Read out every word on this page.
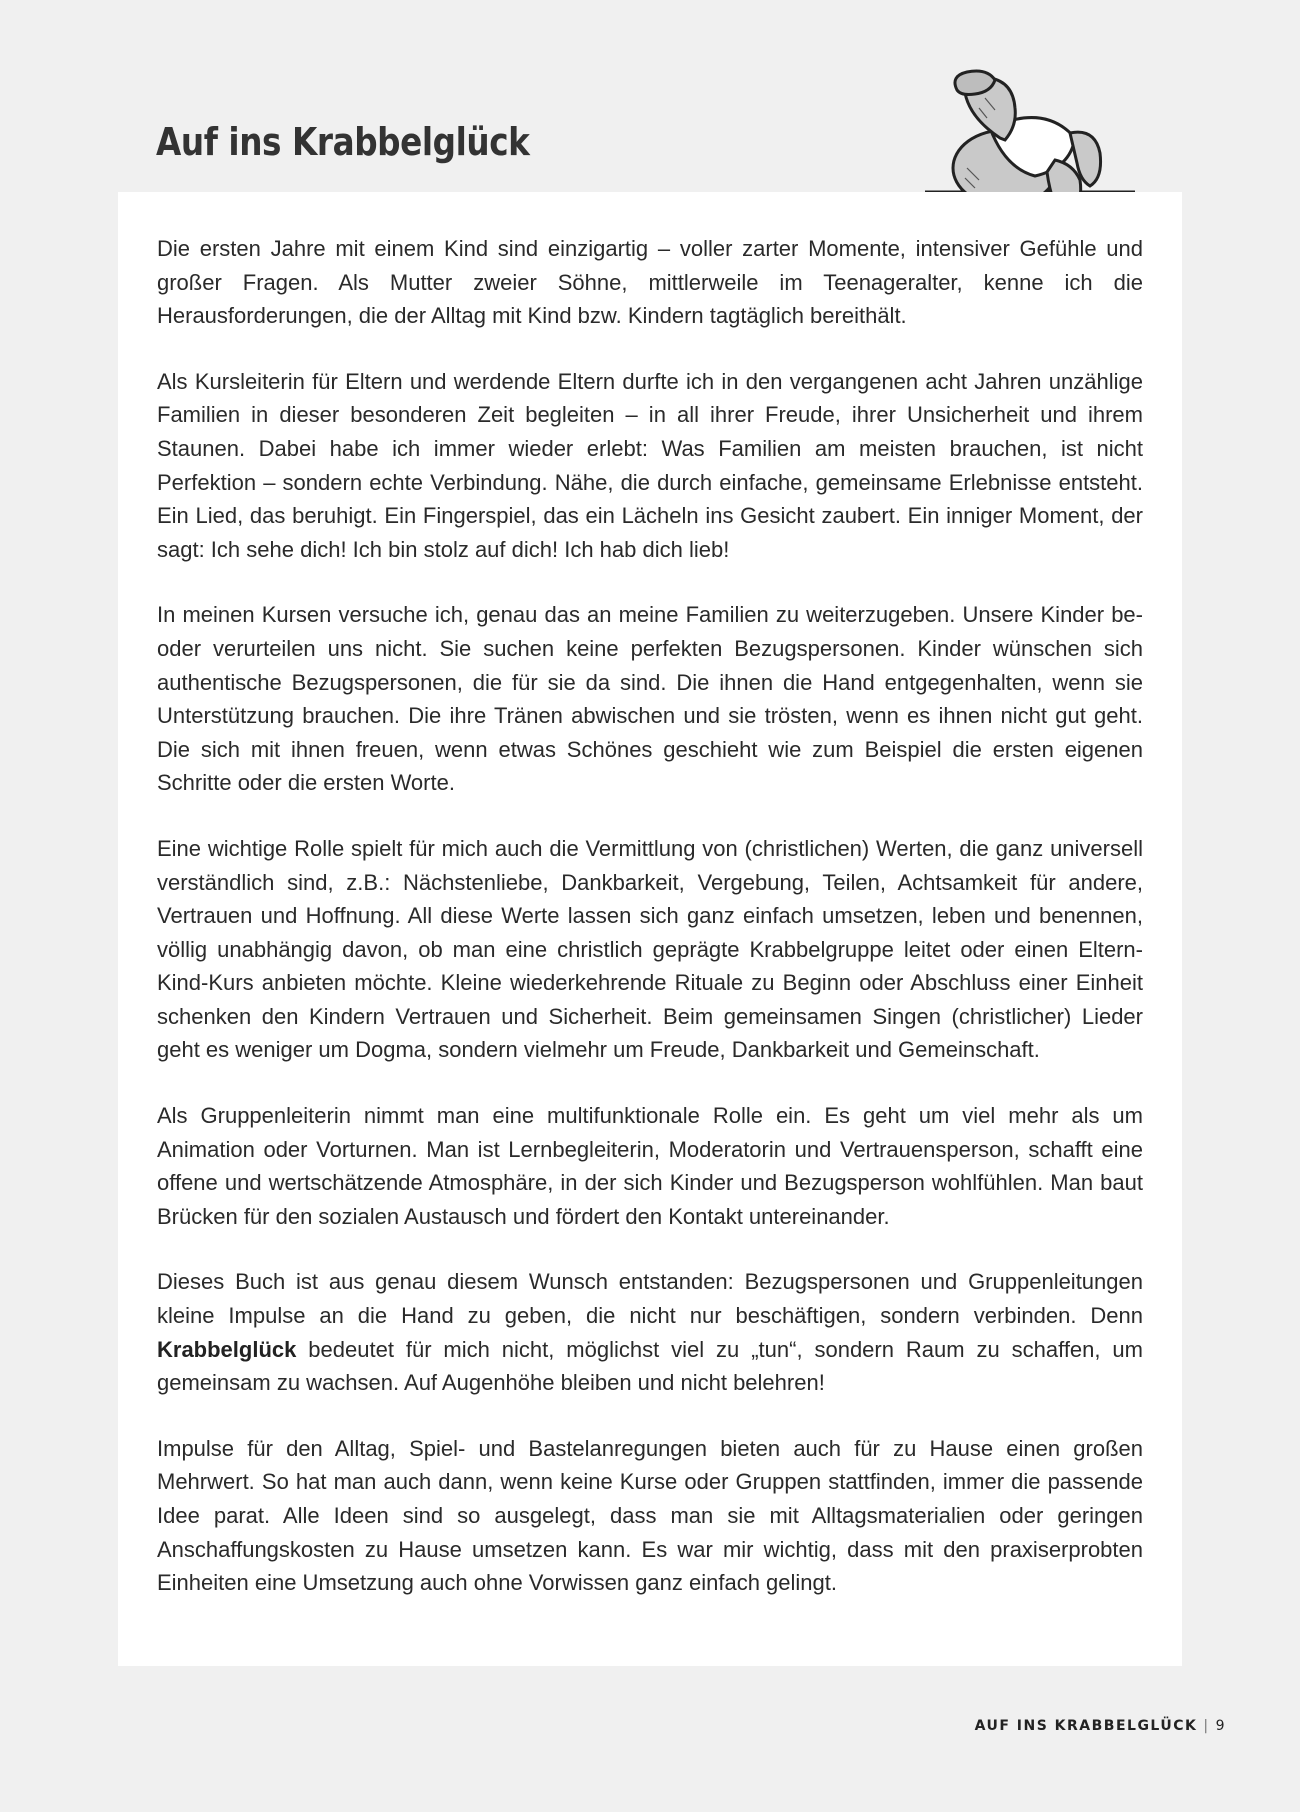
Auf ins Krabbelglück

Die ersten Jahre mit einem Kind sind einzigartig – voller zarter Momente, intensiver Gefühle und großer Fragen. Als Mutter zweier Söhne, mittlerweile im Teenageralter, kenne ich die Herausforderungen, die der Alltag mit Kind bzw. Kindern tagtäglich bereithält.

Als Kursleiterin für Eltern und werdende Eltern durfte ich in den vergangenen acht Jahren unzählige Familien in dieser besonderen Zeit begleiten – in all ihrer Freude, ihrer Unsicherheit und ihrem Staunen. Dabei habe ich immer wieder erlebt: Was Familien am meisten brauchen, ist nicht Perfektion – sondern echte Verbindung. Nähe, die durch einfache, gemeinsame Erlebnisse entsteht. Ein Lied, das beruhigt. Ein Fingerspiel, das ein Lächeln ins Gesicht zaubert. Ein inniger Moment, der sagt: Ich sehe dich! Ich bin stolz auf dich! Ich hab dich lieb!

In meinen Kursen versuche ich, genau das an meine Familien zu weiterzugeben. Unsere Kinder be- oder verurteilen uns nicht. Sie suchen keine perfekten Bezugspersonen. Kinder wünschen sich authentische Bezugspersonen, die für sie da sind. Die ihnen die Hand entgegenhalten, wenn sie Unterstützung brauchen. Die ihre Tränen abwischen und sie trösten, wenn es ihnen nicht gut geht. Die sich mit ihnen freuen, wenn etwas Schönes geschieht wie zum Beispiel die ersten eigenen Schritte oder die ersten Worte.

Eine wichtige Rolle spielt für mich auch die Vermittlung von (christlichen) Werten, die ganz universell verständlich sind, z.B.: Nächstenliebe, Dankbarkeit, Vergebung, Teilen, Achtsamkeit für andere, Vertrauen und Hoffnung. All diese Werte lassen sich ganz einfach umsetzen, leben und benennen, völlig unabhängig davon, ob man eine christlich geprägte Krabbelgruppe leitet oder einen Eltern-Kind-Kurs anbieten möchte. Kleine wiederkehrende Rituale zu Beginn oder Abschluss einer Einheit schenken den Kindern Vertrauen und Sicherheit. Beim gemeinsamen Singen (christlicher) Lieder geht es weniger um Dogma, sondern vielmehr um Freude, Dankbarkeit und Gemeinschaft.

Als Gruppenleiterin nimmt man eine multifunktionale Rolle ein. Es geht um viel mehr als um Animation oder Vorturnen. Man ist Lernbegleiterin, Moderatorin und Vertrauensperson, schafft eine offene und wertschätzende Atmosphäre, in der sich Kinder und Bezugsperson wohlfühlen. Man baut Brücken für den sozialen Austausch und fördert den Kontakt untereinander.

Dieses Buch ist aus genau diesem Wunsch entstanden: Bezugspersonen und Gruppenleitungen kleine Impulse an die Hand zu geben, die nicht nur beschäftigen, sondern verbinden. Denn Krabbelglück bedeutet für mich nicht, möglichst viel zu „tun“, sondern Raum zu schaffen, um gemeinsam zu wachsen. Auf Augenhöhe bleiben und nicht belehren!

Impulse für den Alltag, Spiel- und Bastelanregungen bieten auch für zu Hause einen großen Mehrwert. So hat man auch dann, wenn keine Kurse oder Gruppen stattfinden, immer die passende Idee parat. Alle Ideen sind so ausgelegt, dass man sie mit Alltagsmaterialien oder geringen Anschaffungskosten zu Hause umsetzen kann. Es war mir wichtig, dass mit den praxiserprobten Einheiten eine Umsetzung auch ohne Vorwissen ganz einfach gelingt.

AUF INS KRABBELGLÜCK | 9
